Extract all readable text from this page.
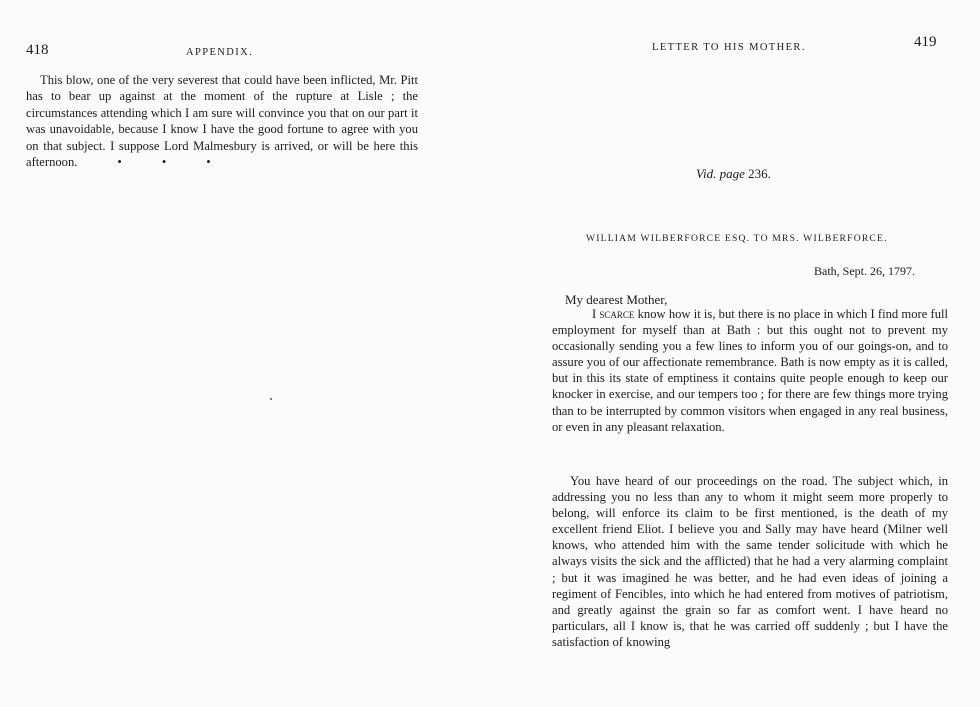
418	APPENDIX.

This blow, one of the very severest that could have been inflicted, Mr. Pitt has to bear up against at the moment of the rupture at Lisle ; the circumstances attending which I am sure will convince you that on our part it was unavoidable, because I know I have the good fortune to agree with you on that subject. I suppose Lord Malmesbury is arrived, or will be here this afternoon.	•	•	•

LETTER TO HIS MOTHER.	419
Vid. page 236.
WILLIAM WILBERFORCE ESQ. TO MRS. WILBERFORCE.
Bath, Sept. 26, 1797.
My dearest Mother,

I scarce know how it is, but there is no place in which I find more full employment for myself than at Bath : but this ought not to prevent my occasionally sending you a few lines to inform you of our goings-on, and to assure you of our affectionate remembrance. Bath is now empty as it is called, but in this its state of emptiness it contains quite people enough to keep our knocker in exercise, and our tempers too ; for there are few things more trying than to be interrupted by common visitors when engaged in any real business, or even in any pleasant relaxation.

You have heard of our proceedings on the road. The subject which, in addressing you no less than any to whom it might seem more properly to belong, will enforce its claim to be first mentioned, is the death of my excellent friend Eliot. I believe you and Sally may have heard (Milner well knows, who attended him with the same tender solicitude with which he always visits the sick and the afflicted) that he had a very alarming complaint ; but it was imagined he was better, and he had even ideas of joining a regiment of Fencibles, into which he had entered from motives of patriotism, and greatly against the grain so far as comfort went. I have heard no particulars, all I know is, that he was carried off suddenly ; but I have the satisfaction of knowing
